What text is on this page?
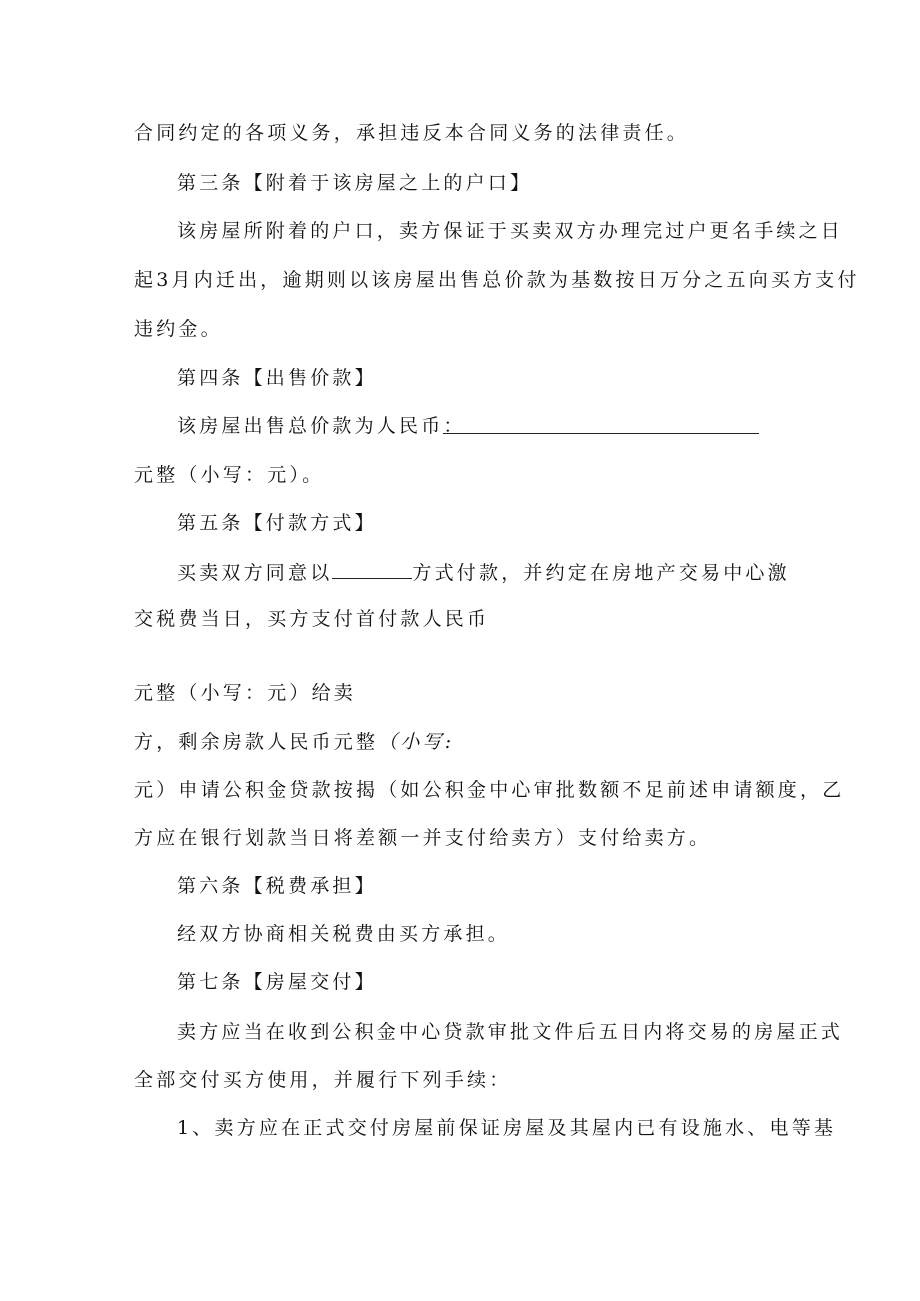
合同约定的各项义务，承担违反本合同义务的法律责任。
第三条【附着于该房屋之上的户口】
该房屋所附着的户口，卖方保证于买卖双方办理完过户更名手续之日
起3月内迁出，逾期则以该房屋出售总价款为基数按日万分之五向买方支付
违约金。
第四条【出售价款】
该房屋出售总价款为人民币：
元整（小写：元）。
第五条【付款方式】
买卖双方同意以	方式付款，并约定在房地产交易中心激
交税费当日，买方支付首付款人民币
元整（小写：元）给卖
方，剩余房款人民币元整（小写:
元）申请公积金贷款按揭（如公积金中心审批数额不足前述申请额度，乙
方应在银行划款当日将差额一并支付给卖方）支付给卖方。
第六条【税费承担】
经双方协商相关税费由买方承担。
第七条【房屋交付】
卖方应当在收到公积金中心贷款审批文件后五日内将交易的房屋正式
全部交付买方使用，并履行下列手续：
1、卖方应在正式交付房屋前保证房屋及其屋内已有设施水、电等基
